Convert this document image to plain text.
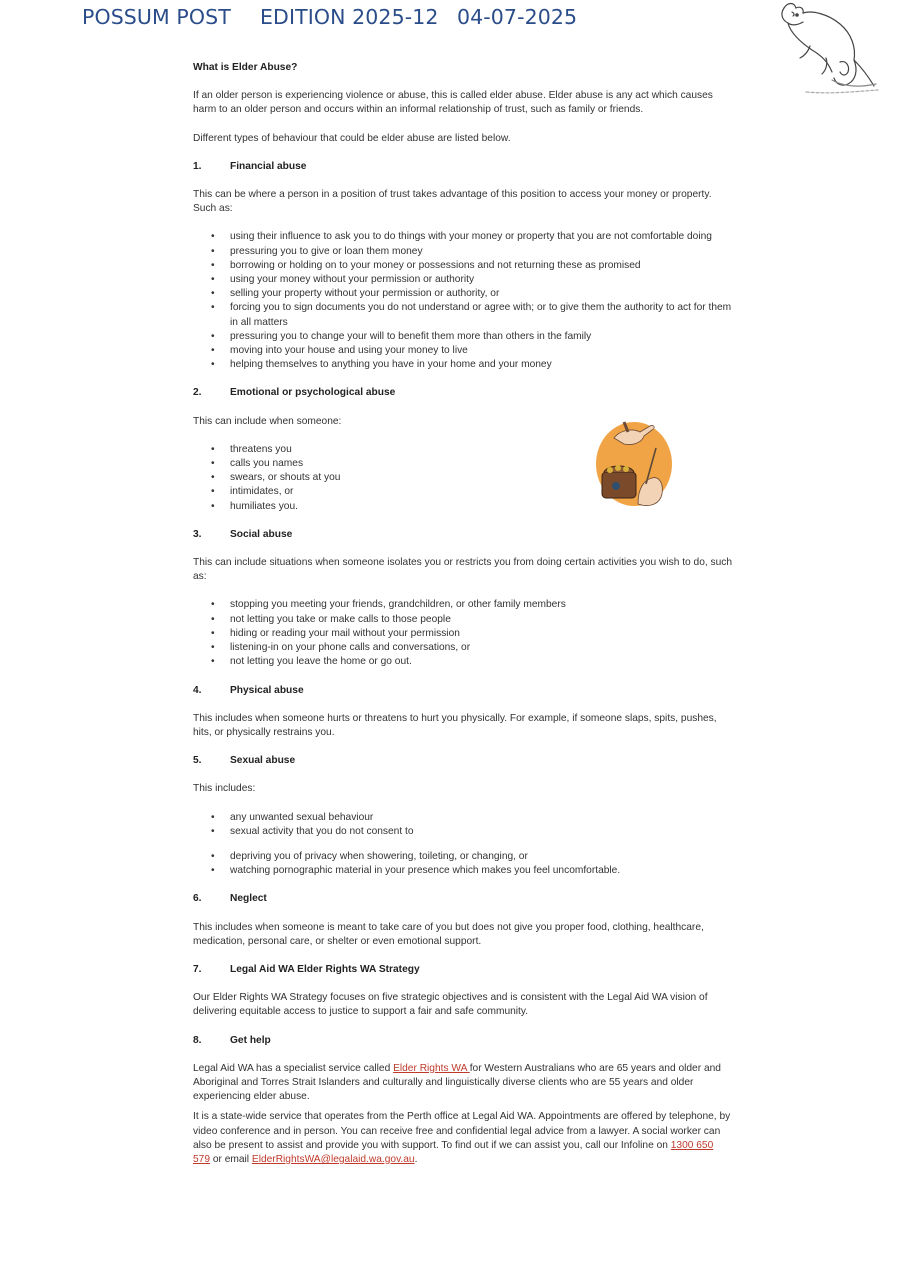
POSSUM POST EDITION 2025-12 04-07-2025
What is Elder Abuse?

If an older person is experiencing violence or abuse, this is called elder abuse. Elder abuse is any act which causes harm to an older person and occurs within an informal relationship of trust, such as family or friends.

Different types of behaviour that could be elder abuse are listed below.

1.	Financial abuse

This can be where a person in a position of trust takes advantage of this position to access your money or property. Such as:

• using their influence to ask you to do things with your money or property that you are not comfortable doing
• pressuring you to give or loan them money
• borrowing or holding on to your money or possessions and not returning these as promised
• using your money without your permission or authority
• selling your property without your permission or authority, or
• forcing you to sign documents you do not understand or agree with; or to give them the authority to act for them in all matters
• pressuring you to change your will to benefit them more than others in the family
• moving into your house and using your money to live
• helping themselves to anything you have in your home and your money
2.	Emotional or psychological abuse

This can include when someone:

• threatens you
• calls you names
• swears, or shouts at you
• intimidates, or
• humiliates you.
3.	Social abuse

This can include situations when someone isolates you or restricts you from doing certain activities you wish to do, such as:

• stopping you meeting your friends, grandchildren, or other family members
• not letting you take or make calls to those people
• hiding or reading your mail without your permission
• listening-in on your phone calls and conversations, or
• not letting you leave the home or go out.
4.	Physical abuse

This includes when someone hurts or threatens to hurt you physically. For example, if someone slaps, spits, pushes, hits, or physically restrains you.

5.	Sexual abuse

This includes:

• any unwanted sexual behaviour
• sexual activity that you do not consent to
• depriving you of privacy when showering, toileting, or changing, or
• watching pornographic material in your presence which makes you feel uncomfortable.
6.	Neglect

This includes when someone is meant to take care of you but does not give you proper food, clothing, healthcare, medication, personal care, or shelter or even emotional support.

7.	Legal Aid WA Elder Rights WA Strategy

Our Elder Rights WA Strategy focuses on five strategic objectives and is consistent with the Legal Aid WA vision of delivering equitable access to justice to support a fair and safe community.

8.	Get help

Legal Aid WA has a specialist service called Elder Rights WA for Western Australians who are 65 years and older and Aboriginal and Torres Strait Islanders and culturally and linguistically diverse clients who are 55 years and older experiencing elder abuse.

It is a state-wide service that operates from the Perth office at Legal Aid WA. Appointments are offered by telephone, by video conference and in person. You can receive free and confidential legal advice from a lawyer. A social worker can also be present to assist and provide you with support. To find out if we can assist you, call our Infoline on 1300 650 579 or email ElderRightsWA@legalaid.wa.gov.au.
